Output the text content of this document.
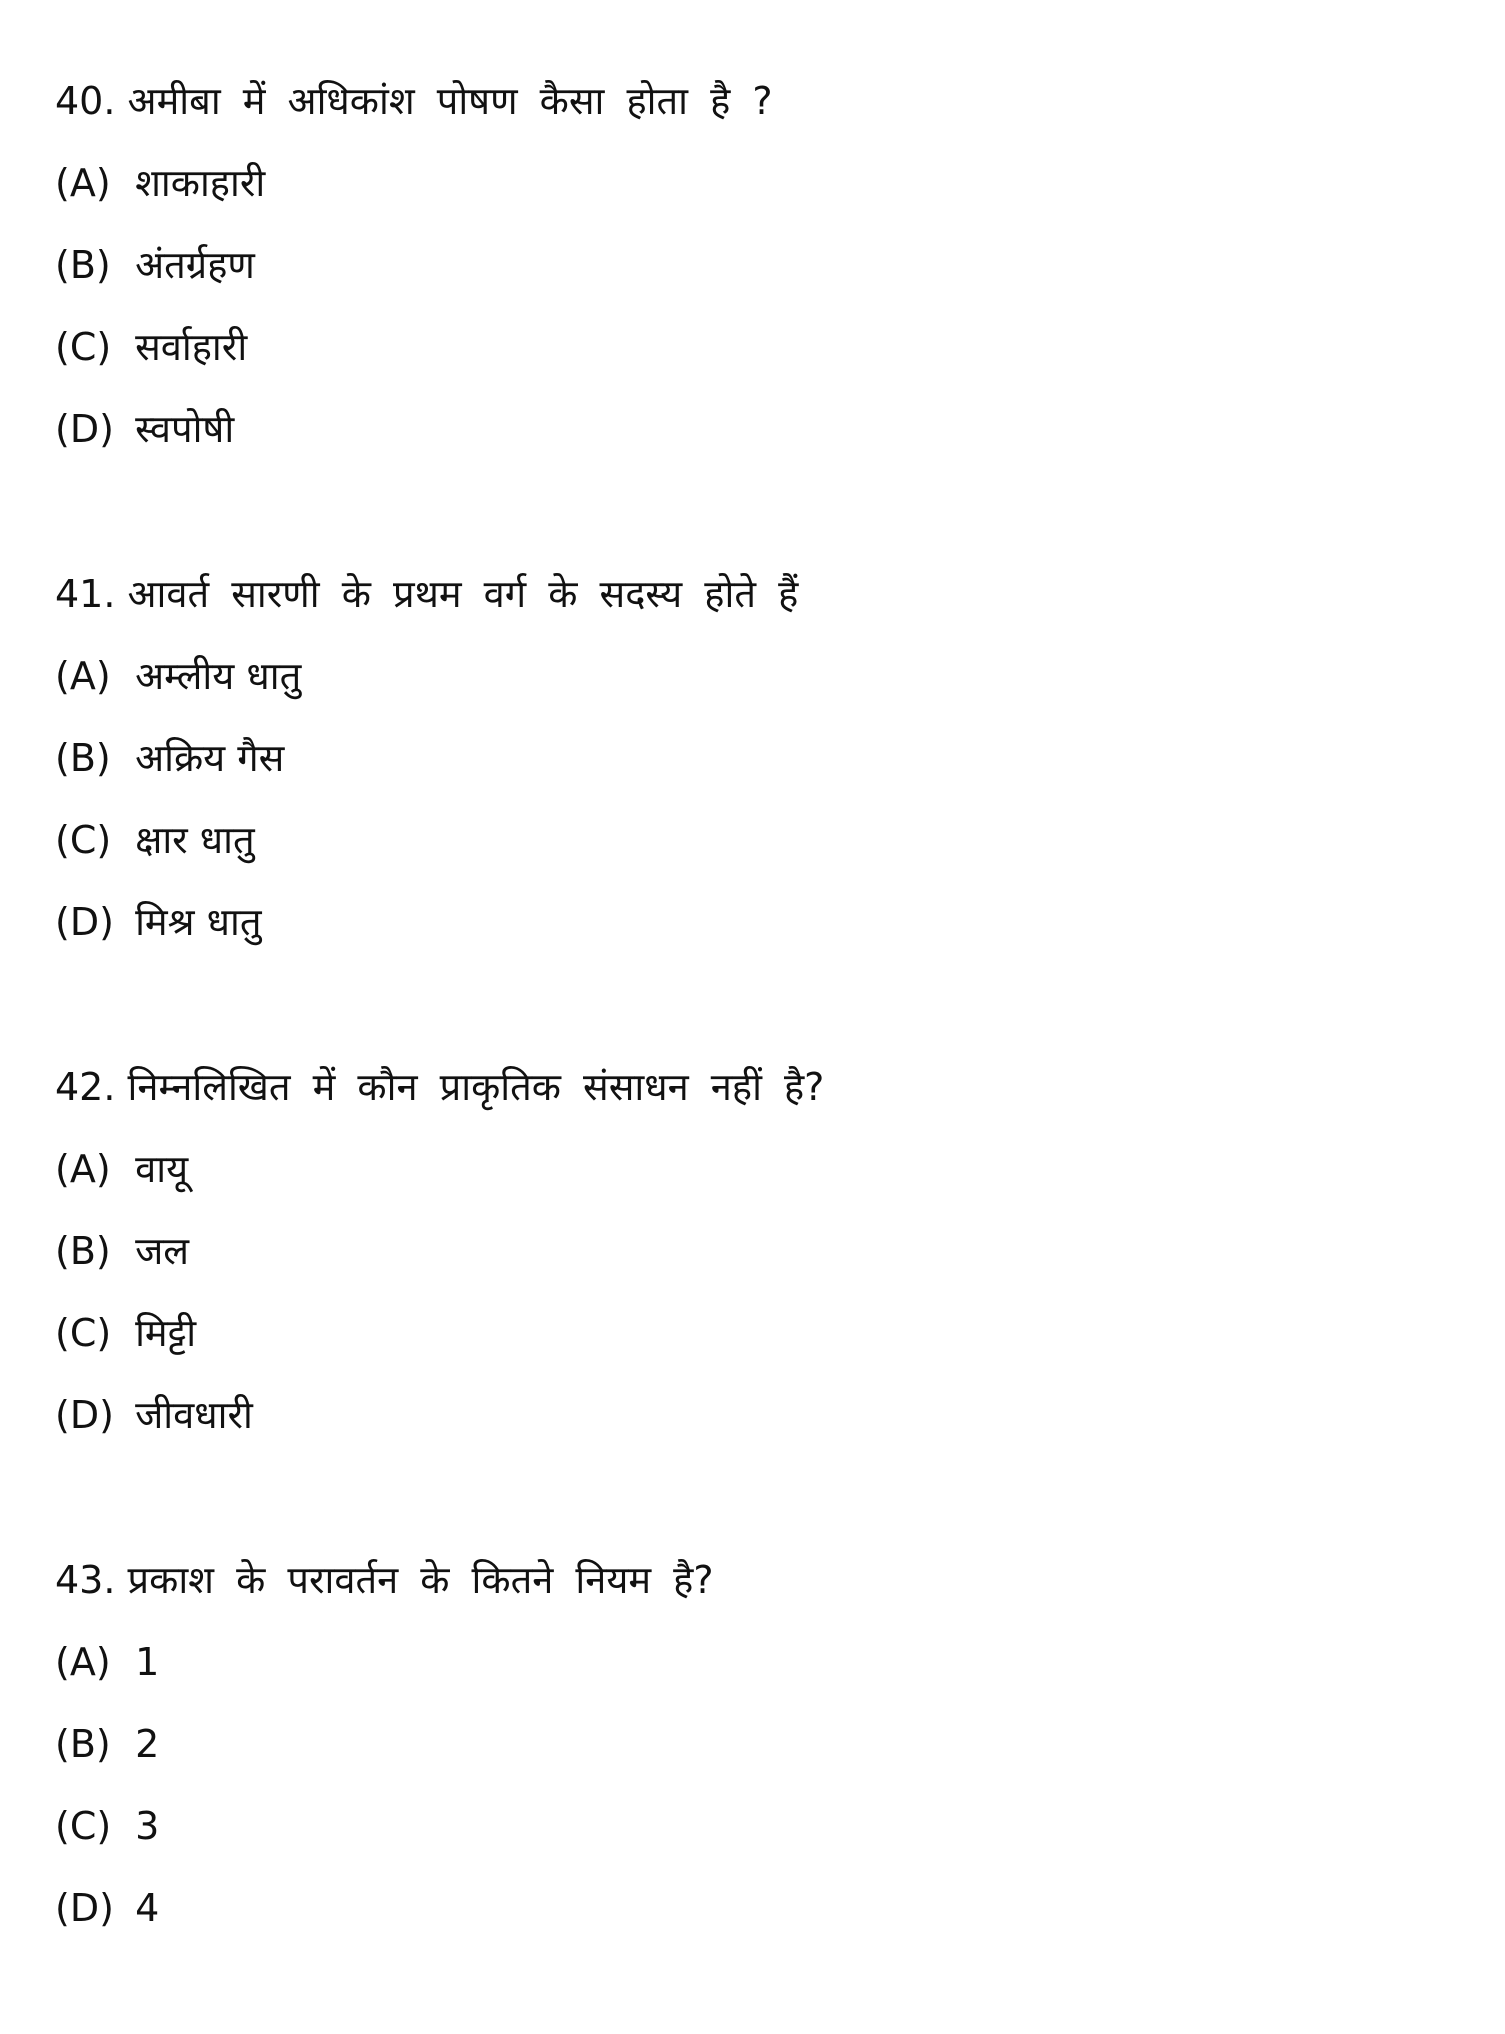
40. अमीबा में अधिकांश पोषण कैसा होता है ?
(A) शाकाहारी
(B) अंतर्ग्रहण
(C) सर्वाहारी
(D) स्वपोषी
41. आवर्त सारणी के प्रथम वर्ग के सदस्य होते हैं
(A) अम्लीय धातु
(B) अक्रिय गैस
(C) क्षार धातु
(D) मिश्र धातु
42. निम्नलिखित में कौन प्राकृतिक संसाधन नहीं है?
(A) वायू
(B) जल
(C) मिट्टी
(D) जीवधारी
43. प्रकाश के परावर्तन के कितने नियम है?
(A) 1
(B) 2
(C) 3
(D) 4
